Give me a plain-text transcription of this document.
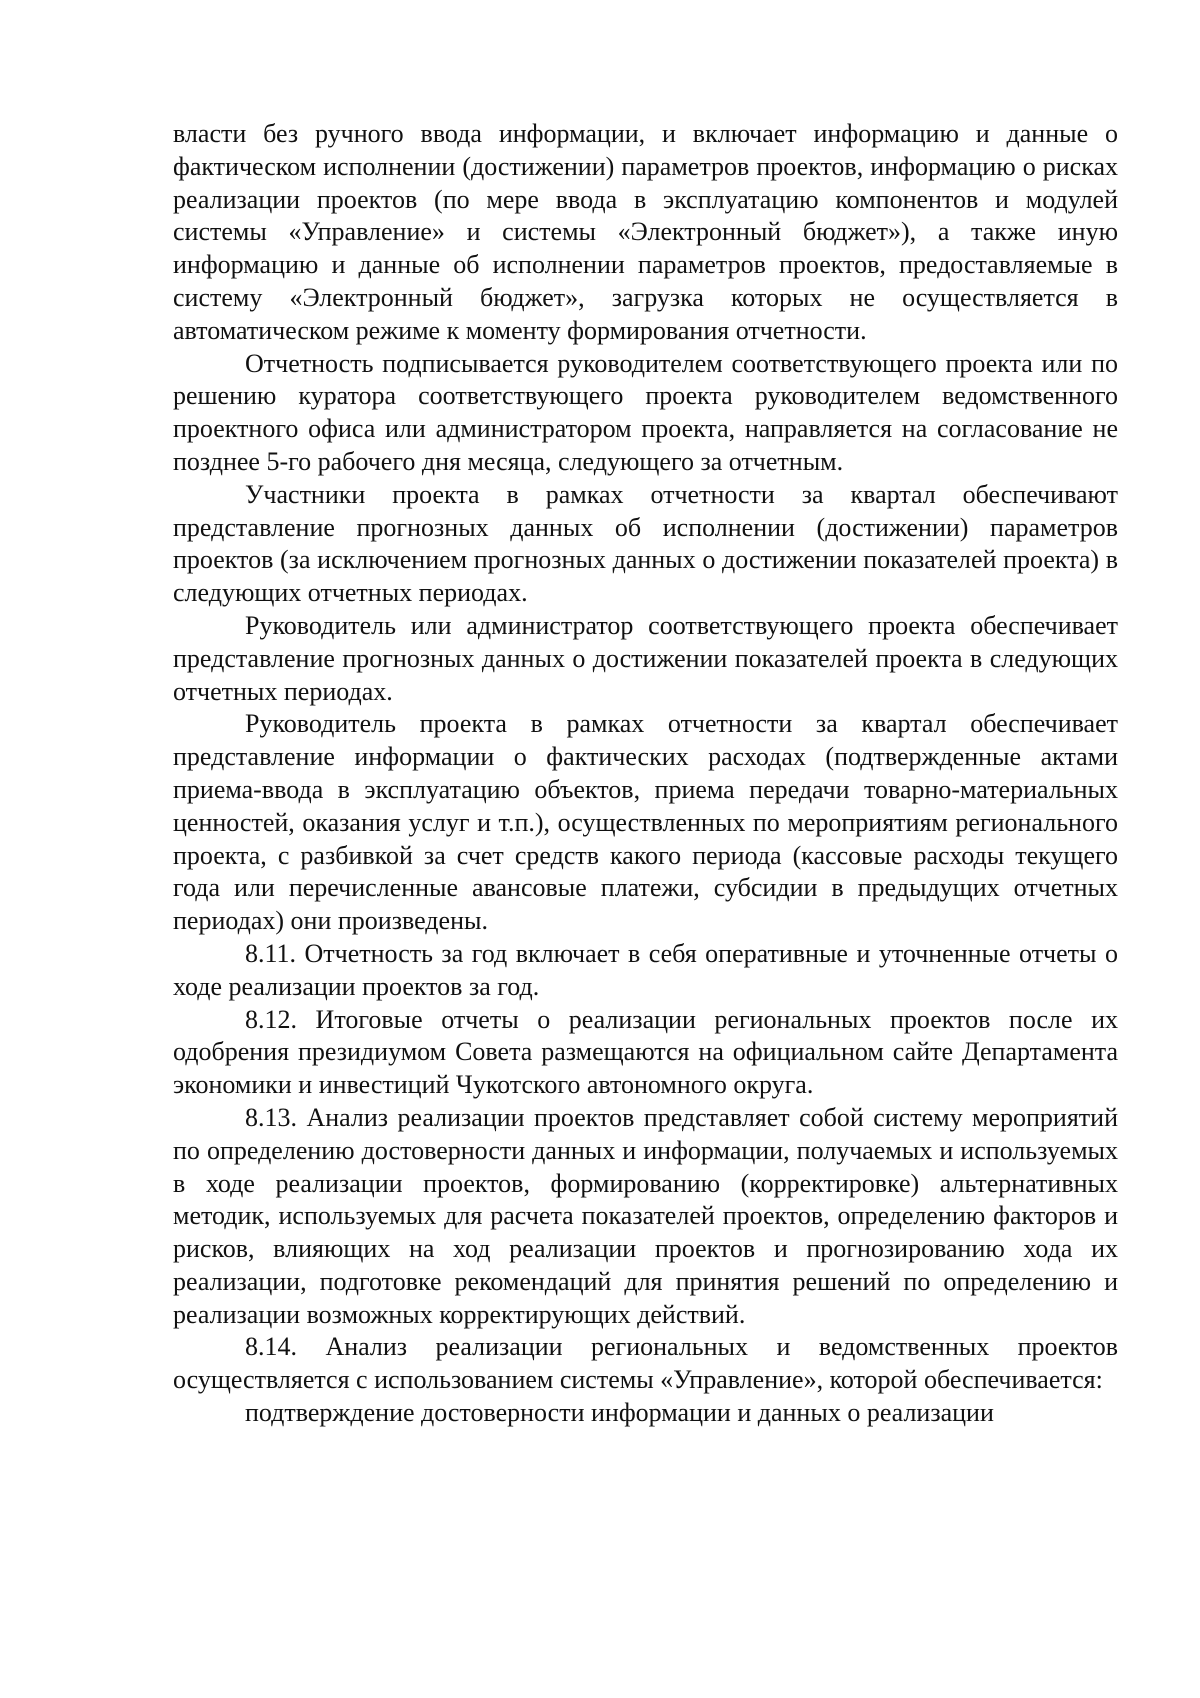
власти без ручного ввода информации, и включает информацию и данные о фактическом исполнении (достижении) параметров проектов, информацию о рисках реализации проектов (по мере ввода в эксплуатацию компонентов и модулей системы «Управление» и системы «Электронный бюджет»), а также иную информацию и данные об исполнении параметров проектов, предоставляемые в систему «Электронный бюджет», загрузка которых не осуществляется в автоматическом режиме к моменту формирования отчетности.

Отчетность подписывается руководителем соответствующего проекта или по решению куратора соответствующего проекта руководителем ведомственного проектного офиса или администратором проекта, направляется на согласование не позднее 5-го рабочего дня месяца, следующего за отчетным.

Участники проекта в рамках отчетности за квартал обеспечивают представление прогнозных данных об исполнении (достижении) параметров проектов (за исключением прогнозных данных о достижении показателей проекта) в следующих отчетных периодах.

Руководитель или администратор соответствующего проекта обеспечивает представление прогнозных данных о достижении показателей проекта в следующих отчетных периодах.

Руководитель проекта в рамках отчетности за квартал обеспечивает представление информации о фактических расходах (подтвержденные актами приема-ввода в эксплуатацию объектов, приема передачи товарно-материальных ценностей, оказания услуг и т.п.), осуществленных по мероприятиям регионального проекта, с разбивкой за счет средств какого периода (кассовые расходы текущего года или перечисленные авансовые платежи, субсидии в предыдущих отчетных периодах) они произведены.

8.11. Отчетность за год включает в себя оперативные и уточненные отчеты о ходе реализации проектов за год.

8.12. Итоговые отчеты о реализации региональных проектов после их одобрения президиумом Совета размещаются на официальном сайте Департамента экономики и инвестиций Чукотского автономного округа.

8.13. Анализ реализации проектов представляет собой систему мероприятий по определению достоверности данных и информации, получаемых и используемых в ходе реализации проектов, формированию (корректировке) альтернативных методик, используемых для расчета показателей проектов, определению факторов и рисков, влияющих на ход реализации проектов и прогнозированию хода их реализации, подготовке рекомендаций для принятия решений по определению и реализации возможных корректирующих действий.

8.14. Анализ реализации региональных и ведомственных проектов осуществляется с использованием системы «Управление», которой обеспечивается:

подтверждение достоверности информации и данных о реализации
